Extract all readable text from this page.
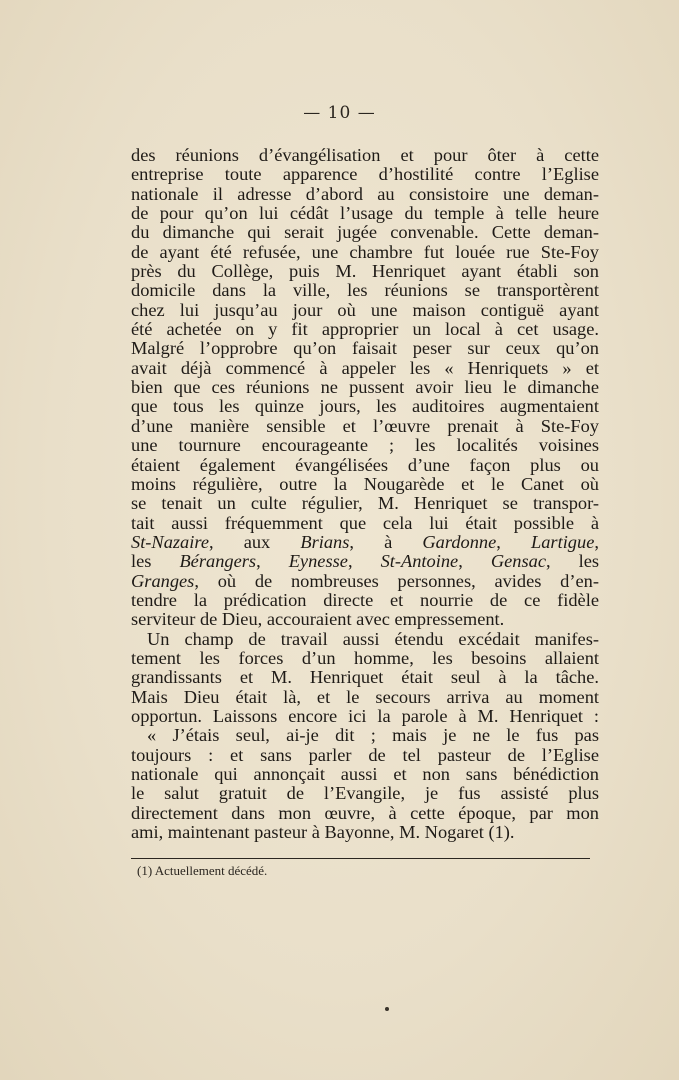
— 10 —
des réunions d’évangélisation et pour ôter à cette
entreprise toute apparence d’hostilité contre l’Eglise
nationale il adresse d’abord au consistoire une deman-
de pour qu’on lui cédât l’usage du temple à telle heure
du dimanche qui serait jugée convenable. Cette deman-
de ayant été refusée, une chambre fut louée rue Ste-Foy
près du Collège, puis M. Henriquet ayant établi son
domicile dans la ville, les réunions se transportèrent
chez lui jusqu’au jour où une maison contiguë ayant
été achetée on y fit approprier un local à cet usage.
Malgré l’opprobre qu’on faisait peser sur ceux qu’on
avait déjà commencé à appeler les « Henriquets » et
bien que ces réunions ne pussent avoir lieu le dimanche
que tous les quinze jours, les auditoires augmentaient
d’une manière sensible et l’œuvre prenait à Ste-Foy
une tournure encourageante ; les localités voisines
étaient également évangélisées d’une façon plus ou
moins régulière, outre la Nougarède et le Canet où
se tenait un culte régulier, M. Henriquet se transpor-
tait aussi fréquemment que cela lui était possible à
St-Nazaire, aux Brians, à Gardonne, Lartigue,
les Bérangers, Eynesse, St-Antoine, Gensac, les
Granges, où de nombreuses personnes, avides d’en-
tendre la prédication directe et nourrie de ce fidèle
serviteur de Dieu, accouraient avec empressement.
Un champ de travail aussi étendu excédait manifes-
tement les forces d’un homme, les besoins allaient
grandissants et M. Henriquet était seul à la tâche.
Mais Dieu était là, et le secours arriva au moment
opportun. Laissons encore ici la parole à M. Henriquet :
« J’étais seul, ai-je dit ; mais je ne le fus pas
toujours : et sans parler de tel pasteur de l’Eglise
nationale qui annonçait aussi et non sans bénédiction
le salut gratuit de l’Evangile, je fus assisté plus
directement dans mon œuvre, à cette époque, par mon
ami, maintenant pasteur à Bayonne, M. Nogaret (1).
(1) Actuellement décédé.
